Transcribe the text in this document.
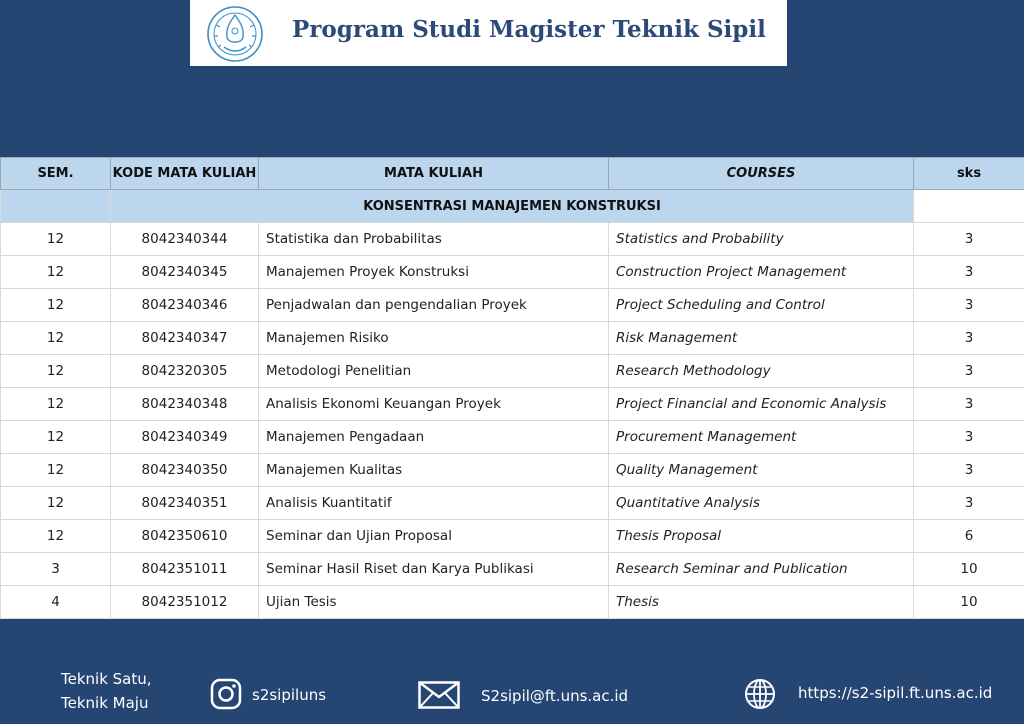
Program Studi Magister Teknik Sipil
SEM.	KODE MATA KULIAH	MATA KULIAH	COURSES	sks
	KONSENTRASI MANAJEMEN KONSTRUKSI			
12	8042340344	Statistika dan Probabilitas	Statistics and Probability	3
12	8042340345	Manajemen Proyek Konstruksi	Construction Project Management	3
12	8042340346	Penjadwalan dan pengendalian Proyek	Project Scheduling and Control	3
12	8042340347	Manajemen Risiko	Risk Management	3
12	8042320305	Metodologi Penelitian	Research Methodology	3
12	8042340348	Analisis Ekonomi Keuangan Proyek	Project Financial and Economic Analysis	3
12	8042340349	Manajemen Pengadaan	Procurement Management	3
12	8042340350	Manajemen Kualitas	Quality Management	3
12	8042340351	Analisis Kuantitatif	Quantitative Analysis	3
12	8042350610	Seminar dan Ujian Proposal	Thesis Proposal	6
3	8042351011	Seminar Hasil Riset dan Karya Publikasi	Research Seminar and Publication	10
4	8042351012	Ujian Tesis	Thesis	10
Teknik Satu,
Teknik Maju	s2sipiluns	S2sipil@ft.uns.ac.id	https://s2-sipil.ft.uns.ac.id
